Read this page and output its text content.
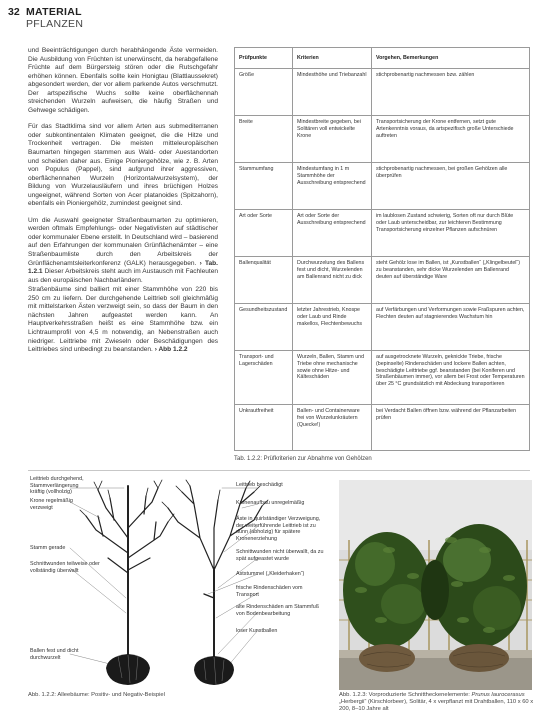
32 MATERIAL
PFLANZEN

und Beeinträchtigungen durch herabhängende Äste vermeiden. Die Ausbildung von Früchten ist unerwünscht, da herabgefallene Früchte auf dem Bürgersteig stören oder die Rutschgefahr erhöhen können. Ebenfalls sollte kein Honigtau (Blattlaussekret) abgesondert werden, der vor allem parkende Autos verschmutzt. Der artspezifische Wuchs sollte keine oberflächennah streichenden Wurzeln aufweisen, die häufig Straßen und Gehwege schädigen.

Für das Stadtklima sind vor allem Arten aus submediterranen oder subkontinentalen Klimaten geeignet, die die Hitze und Trockenheit vertragen. Die meisten mitteleuropäischen Baumarten hingegen stammen aus Wald- oder Auestandorten und scheiden daher aus. Einige Pioniergehölze, wie z. B. Arten von Populus (Pappel), sind aufgrund ihrer aggressiven, oberflächennahen Wurzeln (Horizontalwurzelsystem), der Bildung von Wurzelausläufern und ihres brüchigen Holzes ungeeignet, während Sorten von Acer platanoides (Spitzahorn), ebenfalls ein Pioniergehölz, zumindest geeignet sind.

Um die Auswahl geeigneter Straßenbaumarten zu optimieren, werden oftmals Empfehlungs- oder Negativlisten auf städtischer oder kommunaler Ebene erstellt. In Deutschland wird – basierend auf den Erfahrungen der kommunalen Grünflächenämter – eine Straßenbaumliste durch den Arbeitskreis der Grünflächenamtsleiterkonferenz (GALK) herausgegeben. › Tab. 1.2.1 Dieser Arbeitskreis steht auch im Austausch mit Fachleuten aus den europäischen Nachbarländern.

Straßenbäume sind balliert mit einer Stammhöhe von 220 bis 250 cm zu liefern. Der durchgehende Leittrieb soll gleichmäßig mit mittelstarken Ästen verzweigt sein, so dass der Baum in den nächsten Jahren aufgeastet werden kann. An Hauptverkehrsstraßen heißt es eine Stammhöhe bzw. ein Lichtraumprofil von 4,5 m notwendig, an Nebenstraßen auch niedriger. Leittriebe mit Zwieseln oder Beschädigungen des Leittriebes sind unbedingt zu beanstanden. › Abb 1.2.2

Prüfpunkte	Kriterien	Vorgehen, Bemerkungen
Größe	Mindesthöhe und Triebanzahl	stichprobenartig nachmessen bzw. zählen
Breite	Mindestbreite gegeben, bei Solitären voll entwickelte Krone	Transportsicherung der Krone entfernen, setzt gute Artenkenntnis voraus, da artspezifisch große Unterschiede auftreten
Stammumfang	Mindestumfang in 1 m Stammhöhe der Ausschreibung entsprechend	stichprobenartig nachmessen, bei großen Gehölzen alle überprüfen
Art oder Sorte	Art oder Sorte der Ausschreibung entsprechend	im laublosen Zustand schwierig, Sorten oft nur durch Blüte oder Laub unterscheidbar, zur leichteren Bestimmung Transportsicherung einzelner Pflanzen aufschnüren
Ballenqualität	Durchwurzelung des Ballens fest und dicht, Wurzelenden am Ballenrand nicht zu dick	steht Gehölz lose im Ballen, ist „Kunstballen“ („Klingelbeutel“) zu beanstanden, sehr dicke Wurzelenden am Ballenrand deuten auf überständige Ware
Gesundheitszustand	letzter Jahrestrieb, Knospe oder Laub und Rinde makellos, Flechtenbewuchs	auf Verfärbungen und Verformungen sowie Fraßspuren achten, Flechten deuten auf stagnierendes Wachstum hin
Transport- und Lagerschäden	Wurzeln, Ballen, Stamm und Triebe ohne mechanische sowie ohne Hitze- und Kälteschäden	auf ausgetrocknete Wurzeln, geknickte Triebe, frische (bepinselte) Rindenschäden und lockere Ballen achten, beschädigte Leittriebe ggf. beanstanden (bei Koniferen und Straßenbäumen immer), vor allem bei Frost oder Temperaturen über 25 °C grundsätzlich mit Abdeckung transportieren
Unkrautfreiheit	Ballen- und Containerware frei von Wurzelunkräutern (Quecke!)	bei Verdacht Ballen öffnen bzw. während der Pflanzarbeiten prüfen
Tab. 1.2.2: Prüfkriterien zur Abnahme von Gehölzen
Leittrieb durchgehend, Stammverlängerung kräftig (vollholzig)
Krone regelmäßig verzweigt
Stamm gerade
Schnittwunden teilweise oder vollständig überwallt
Ballen fest und dicht durchwurzelt
Leittrieb beschädigt
Kronenaufbau unregelmäßig
Äste in quirlständiger Verzweigung, der weiterführende Leittrieb ist zu dünn (abholzig) für spätere Kronenerziehung
Schnittwunden nicht überwallt, da zu spät aufgeastet wurde
Aststummel („Kleiderhaken“)
frische Rindenschäden vom Transport
alte Rindenschäden am Stammfuß von Bodenbearbeitung
loser Kunstballen
Abb. 1.2.2: Alleebäume: Positiv- und Negativ-Beispiel	Abb. 1.2.3: Vorproduzierte Schnittheckenelemente: Prunus laurocerasus „Herbergii“ (Kirschlorbeer), Solitär, 4 x verpflanzt mit Drahtballen, 110 x 60 x 200, 8–10 Jahre alt
